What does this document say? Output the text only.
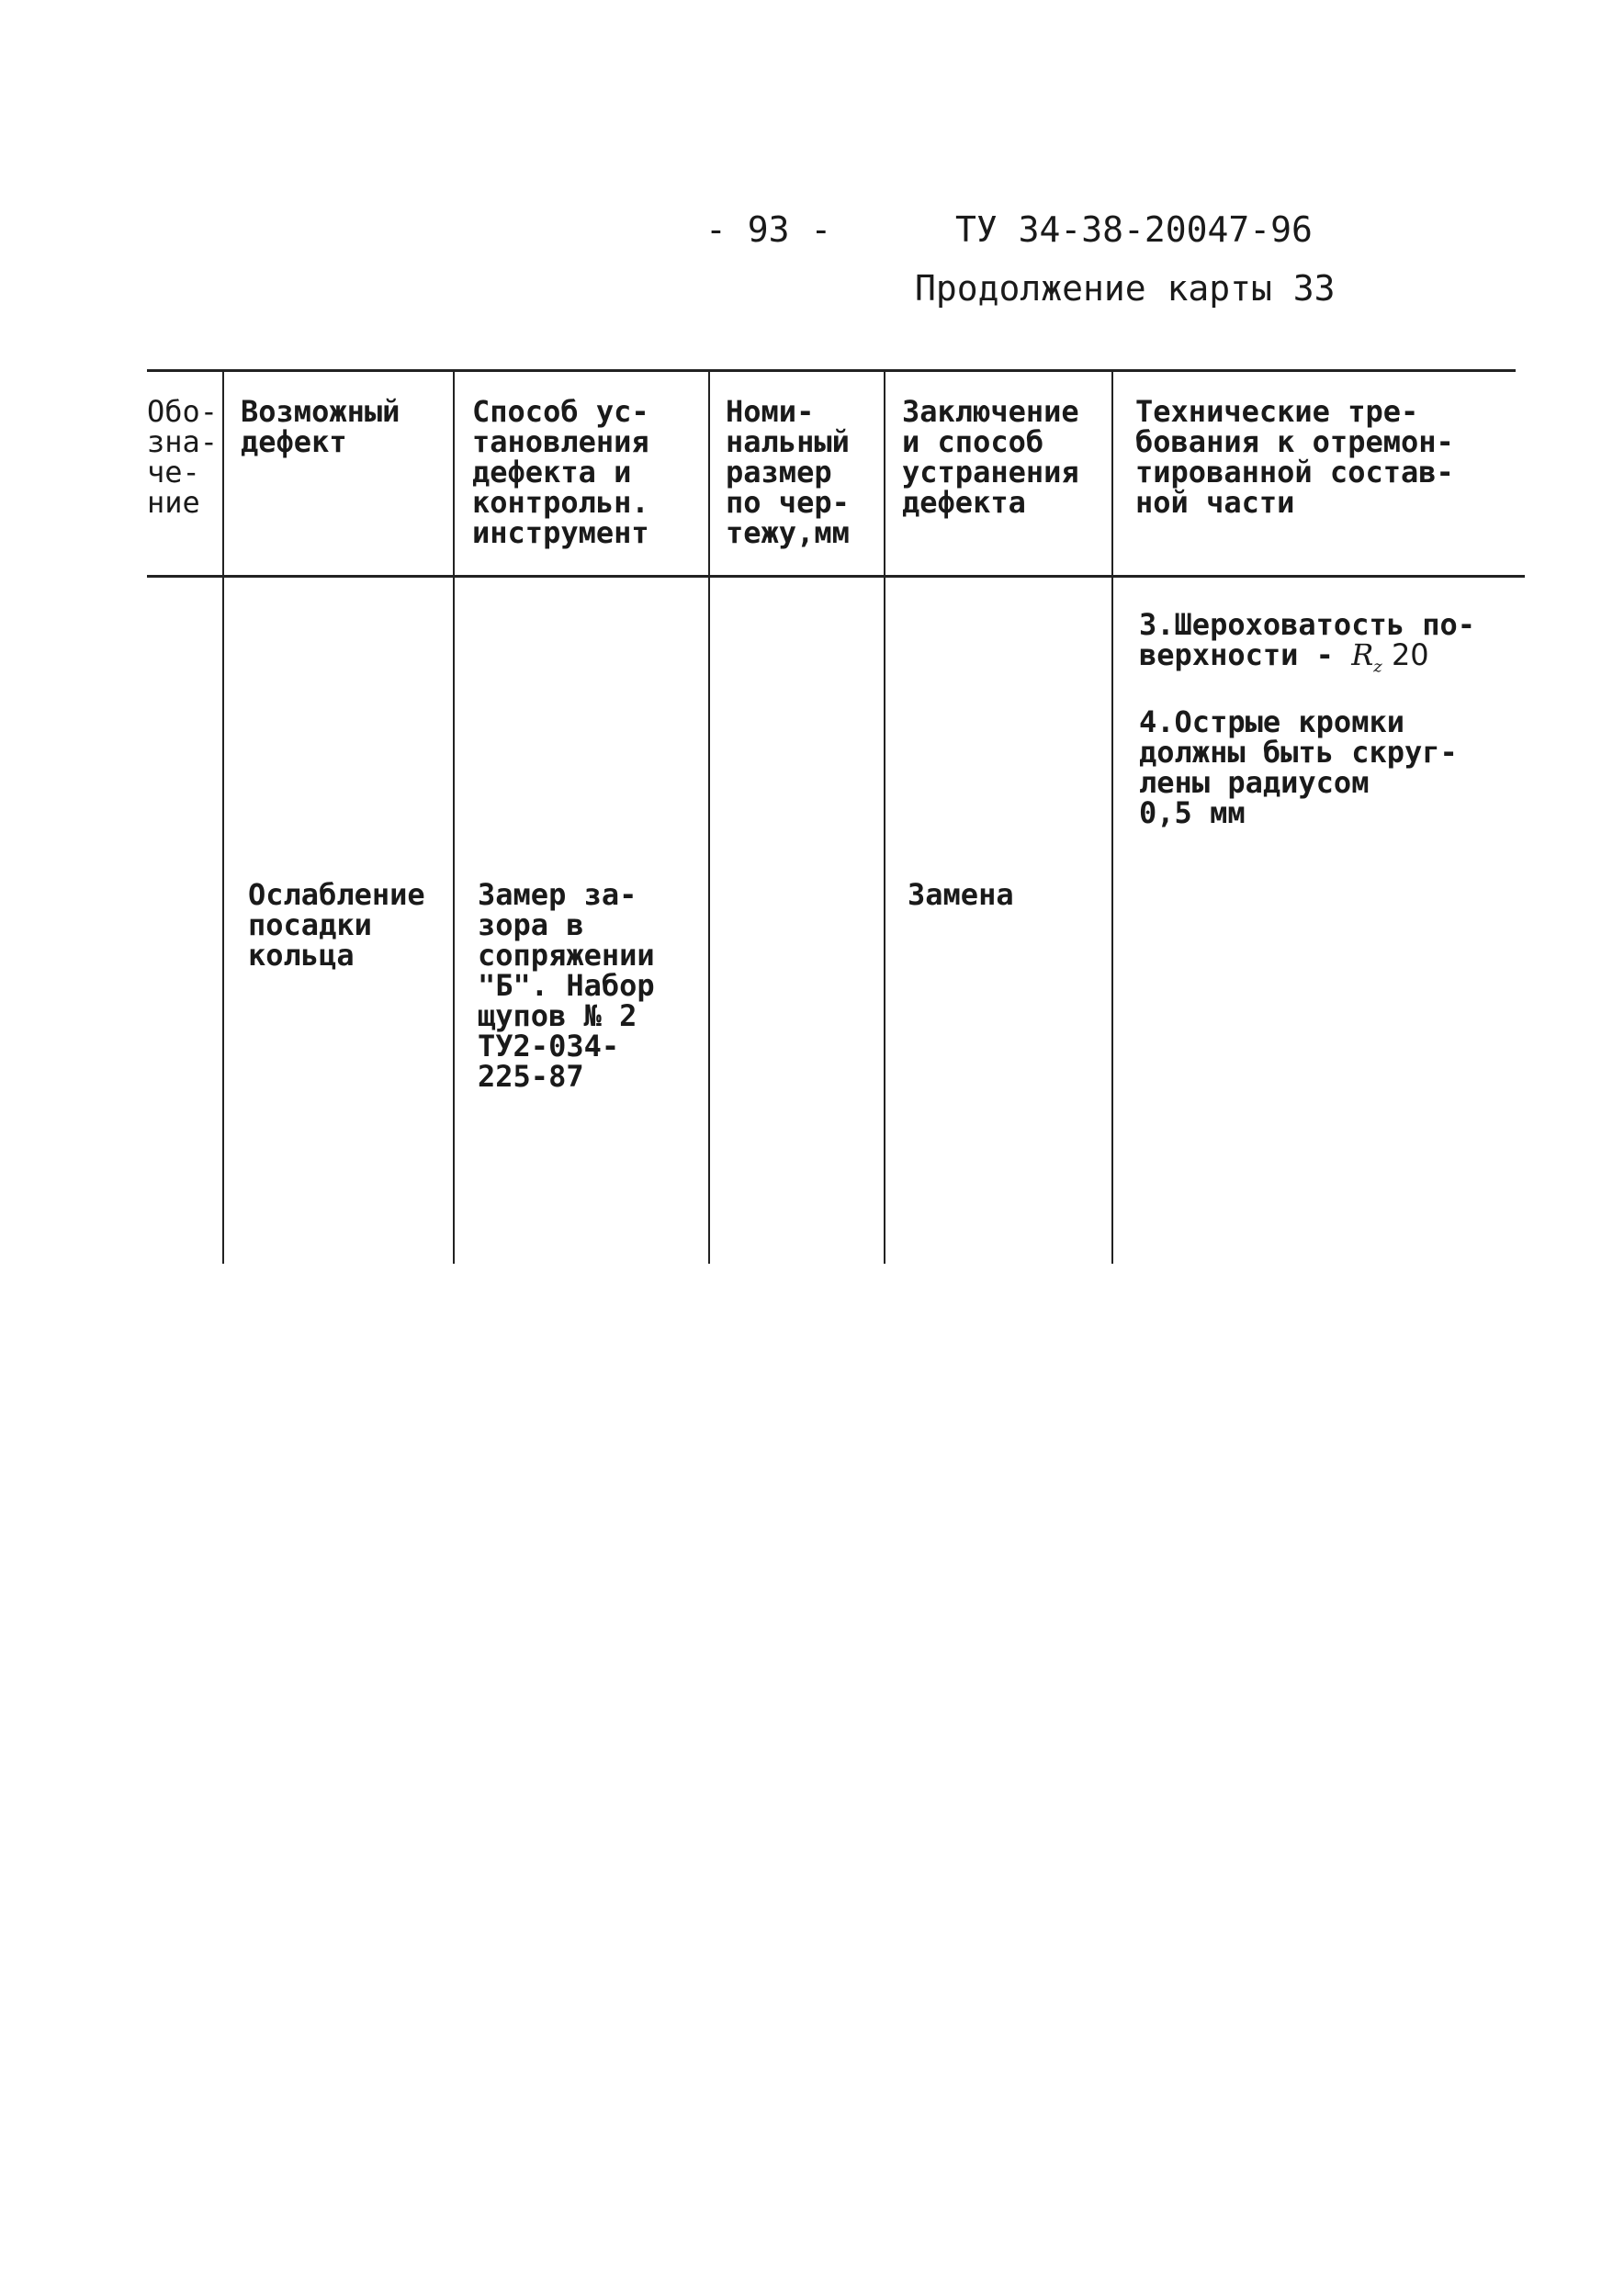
- 93 -	ТУ 34-38-20047-96
Продолжение карты 33
Обо-
зна-
че-
ние
Возможный
дефект
Способ ус-
тановления
дефекта и
контрольн.
инструмент
Номи-
нальный
размер
по чер-
тежу,мм
Заключение
и способ
устранения
дефекта
Технические тре-
бования к отремон-
тированной состав-
ной части
3.Шероховатость по-
верхности - $R_z$ 20
4.Острые кромки
должны быть скруг-
лены радиусом
0,5 мм
Ослабление
посадки
кольца
Замер за-
зора в
сопряжении
"Б". Набор
щупов № 2
ТУ2-034-
225-87
Замена
